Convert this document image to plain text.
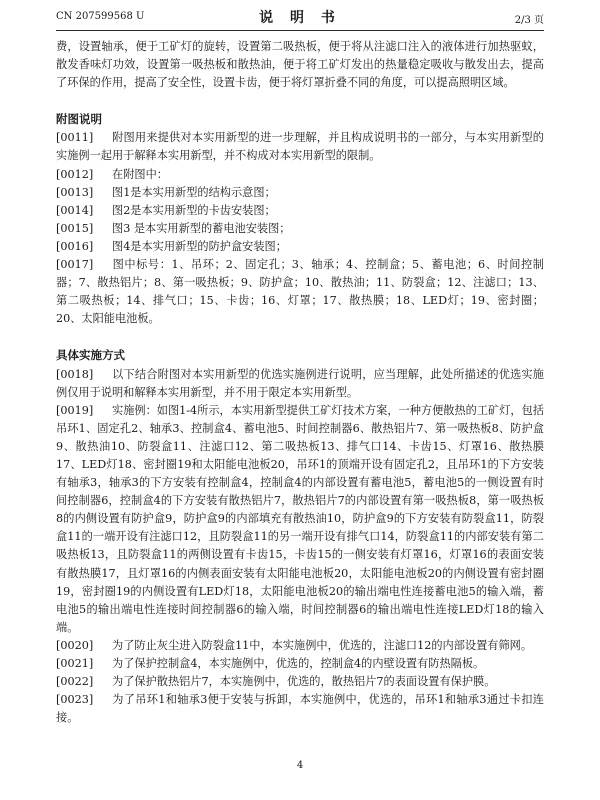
CN 207599568 U	说 明 书	2/3 页

费，设置轴承，便于工矿灯的旋转，设置第二吸热板，便于将从注滤口注入的液体进行加热驱蚊，散发香味灯功效，设置第一吸热板和散热油，便于将工矿灯发出的热量稳定吸收与散发出去，提高了环保的作用，提高了安全性，设置卡齿，便于将灯罩折叠不同的角度，可以提高照明区域。

附图说明

[0011] 附图用来提供对本实用新型的进一步理解，并且构成说明书的一部分，与本实用新型的实施例一起用于解释本实用新型，并不构成对本实用新型的限制。

[0012] 在附图中：

[0013] 图1是本实用新型的结构示意图；

[0014] 图2是本实用新型的卡齿安装图；

[0015] 图3 是本实用新型的蓄电池安装图；

[0016] 图4是本实用新型的防护盒安装图；

[0017] 图中标号：1、吊环；2、固定孔；3、轴承；4、控制盒；5、蓄电池；6、时间控制器；7、散热铝片；8、第一吸热板；9、防护盒；10、散热油；11、防裂盒；12、注滤口；13、第二吸热板；14、排气口；15、卡齿；16、灯罩；17、散热膜；18、LED灯；19、密封圈；20、太阳能电池板。

具体实施方式

[0018] 以下结合附图对本实用新型的优选实施例进行说明，应当理解，此处所描述的优选实施例仅用于说明和解释本实用新型，并不用于限定本实用新型。

[0019] 实施例：如图1-4所示，本实用新型提供工矿灯技术方案，一种方便散热的工矿灯，包括吊环1、固定孔2、轴承3、控制盒4、蓄电池5、时间控制器6、散热铝片7、第一吸热板8、防护盒9、散热油10、防裂盒11、注滤口12、第二吸热板13、排气口14、卡齿15、灯罩16、散热膜17、LED灯18、密封圈19和太阳能电池板20，吊环1的顶端开设有固定孔2，且吊环1的下方安装有轴承3，轴承3的下方安装有控制盒4，控制盒4的内部设置有蓄电池5，蓄电池5的一侧设置有时间控制器6，控制盒4的下方安装有散热铝片7，散热铝片7的内部设置有第一吸热板8，第一吸热板8的内侧设置有防护盒9，防护盒9的内部填充有散热油10，防护盒9的下方安装有防裂盒11，防裂盒11的一端开设有注滤口12，且防裂盒11的另一端开设有排气口14，防裂盒11的内部安装有第二吸热板13，且防裂盒11的两侧设置有卡齿15，卡齿15的一侧安装有灯罩16，灯罩16的表面安装有散热膜17，且灯罩16的内侧表面安装有太阳能电池板20，太阳能电池板20的内侧设置有密封圈19，密封圈19的内侧设置有LED灯18，太阳能电池板20的输出端电性连接蓄电池5的输入端，蓄电池5的输出端电性连接时间控制器6的输入端，时间控制器6的输出端电性连接LED灯18的输入端。

[0020] 为了防止灰尘进入防裂盒11中，本实施例中，优选的，注滤口12的内部设置有筛网。

[0021] 为了保护控制盒4，本实施例中，优选的，控制盒4的内壁设置有防热隔板。

[0022] 为了保护散热铝片7，本实施例中，优选的，散热铝片7的表面设置有保护膜。

[0023] 为了吊环1和轴承3便于安装与拆卸，本实施例中，优选的，吊环1和轴承3通过卡扣连接。

4
